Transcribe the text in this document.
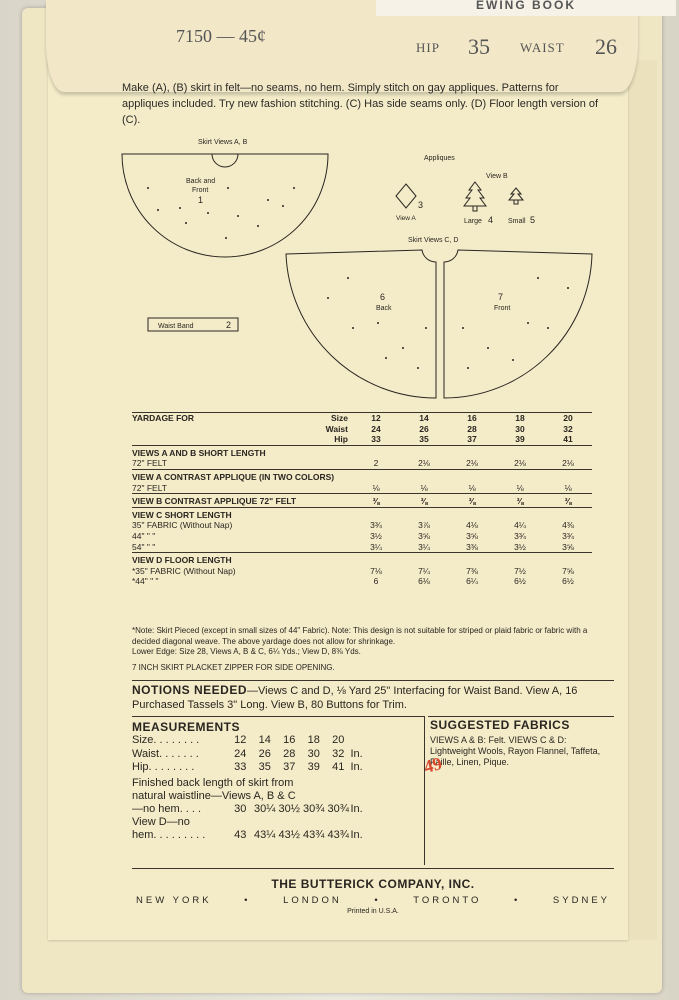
EWING BOOK
7150 — 45¢
HIP 35 WAIST 26
Make (A), (B) skirt in felt—no seams, no hem. Simply stitch on gay appliques. Patterns for appliques included. Try new fashion stitching. (C) Has side seams only. (D) Floor length version of (C).
Skirt Views A, B
Back and
Front
1
Waist Band	2
Appliques
View B
3
View A	Large 4 Small 5
Skirt Views C, D
6
Back
7
Front
YARDAGE FOR	Size	12	14	16	18	20
	Waist	24	26	28	30	32
	Hip	33	35	37	39	41
VIEWS A AND B SHORT LENGTH						
72" FELT		2	2⅛	2⅛	2⅛	2⅛
VIEW A CONTRAST APPLIQUE (IN TWO COLORS)						
72" FELT		⅛	⅛	⅛	⅛	⅛
VIEW B CONTRAST APPLIQUE 72" FELT		⅜	⅜	⅜	⅜	⅜
VIEW C SHORT LENGTH						
35" FABRIC (Without Nap)		3¾	3⅞	4⅛	4¼	4⅜
44" " "		3½	3⅝	3⅝	3¾	3¾
54" " "		3¼	3¼	3⅜	3½	3⅝
VIEW D FLOOR LENGTH						
*35" FABRIC (Without Nap)		7⅛	7¼	7⅜	7½	7⅝
*44" " "		6	6⅛	6¼	6½	6½
*Note: Skirt Pieced (except in small sizes of 44" Fabric). Note: This design is not suitable for striped or plaid fabric or fabric with a decided diagonal weave. The above yardage does not allow for shrinkage.
Lower Edge: Size 28, Views A, B & C, 6¼ Yds.; View D, 8⅜ Yds.
7 INCH SKIRT PLACKET ZIPPER FOR SIDE OPENING.
NOTIONS NEEDED—Views C and D, ⅛ Yard 25" Interfacing for Waist Band. View A, 16 Purchased Tassels 3" Long. View B, 80 Buttons for Trim.
MEASUREMENTS
Size. . . . . . . .	12	14	16	18	20
Waist. . . . . . .	24	26	28	30	32 In.
Hip. . . . . . . .	33	35	37	39	41 In.
Finished back length of skirt from
natural waistline—Views A, B & C
—no hem. . . .	30 30¼ 30½ 30¾ 30¾ In.
View D—no
hem. . . . . . . . .	43 43¼ 43½ 43¾ 43¾ In.
SUGGESTED FABRICS
VIEWS A & B: Felt. VIEWS C & D: Lightweight Wools, Rayon Flannel, Taffeta, Faille, Linen, Pique.
49
THE BUTTERICK COMPANY, INC.
NEW YORK	•	LONDON	•	TORONTO	•	SYDNEY
Printed in U.S.A.
